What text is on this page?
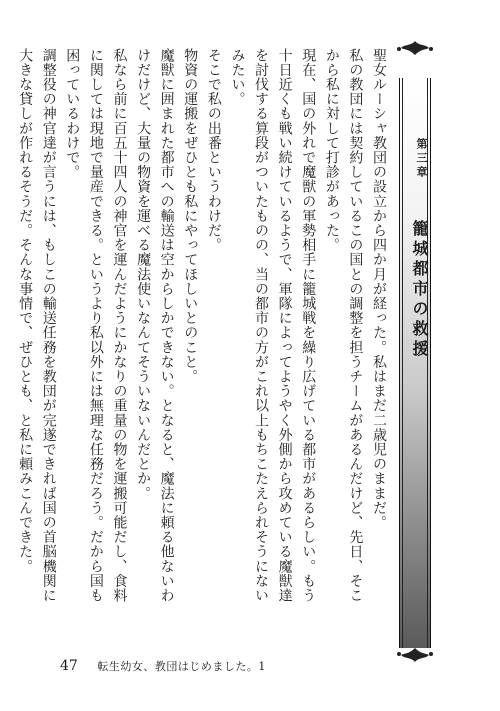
聖女ルーシャ教団の設立から四か月が経った。私はまだ二歳児のままだ。

私の教団には契約しているこの国との調整を担うチームがあるんだけど、先日、そこから私に対して打診があった。

現在、国の外れで魔獣の軍勢相手に籠城戦を繰り広げている都市があるらしい。もう十日近くも戦い続けているようで、軍隊によってようやく外側から攻めている魔獣達を討伐する算段がついたものの、当の都市の方がこれ以上もちこたえられそうにないみたい。

そこで私の出番というわけだ。

物資の運搬をぜひとも私にやってほしいとのこと。

魔獣に囲まれた都市への輸送は空からしかできない。となると、魔法に頼る他ないわけだけど、大量の物資を運べる魔法使いなんてそういないんだとか。

私なら前に百五十四人の神官を運んだようにかなりの重量の物を運搬可能だし、食料に関しては現地で量産できる。というより私以外には無理な任務だろう。だから国も困っているわけで。

調整役の神官達が言うには、もしこの輸送任務を教団が完遂できれば国の首脳機関に大きな貸しが作れるそうだ。そんな事情で、ぜひとも、と私に頼みこんできた。	第三章
籠城都市の救援
47 転生幼女、教団はじめました。1
